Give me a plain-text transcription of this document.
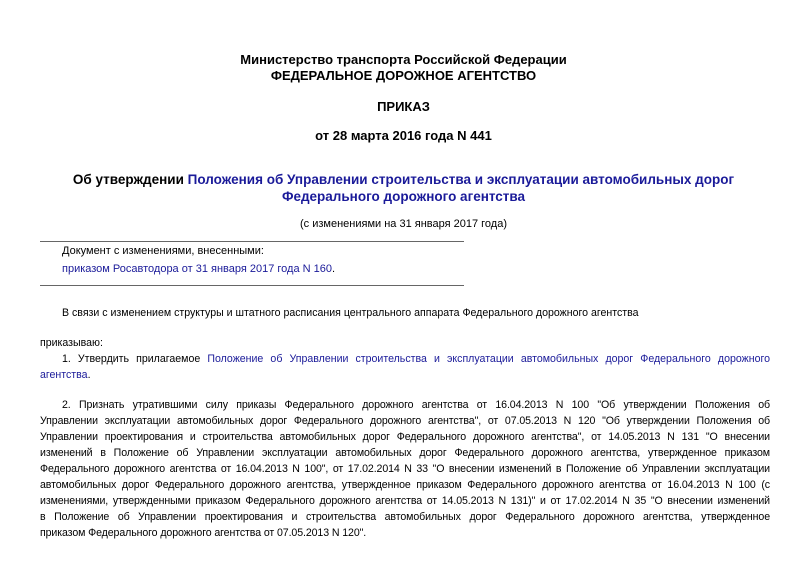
Министерство транспорта Российской Федерации
ФЕДЕРАЛЬНОЕ ДОРОЖНОЕ АГЕНТСТВО
ПРИКАЗ
от 28 марта 2016 года N 441
Об утверждении Положения об Управлении строительства и эксплуатации автомобильных дорог
Федерального дорожного агентства
(с изменениями на 31 января 2017 года)
Документ с изменениями, внесенными:
приказом Росавтодора от 31 января 2017 года N 160.
В связи с изменением структуры и штатного расписания центрального аппарата Федерального дорожного агентства
приказываю:
1. Утвердить прилагаемое Положение об Управлении строительства и эксплуатации автомобильных дорог Федерального дорожного
агентства.
2. Признать утратившими силу приказы Федерального дорожного агентства от 16.04.2013 N 100 "Об утверждении Положения об
Управлении эксплуатации автомобильных дорог Федерального дорожного агентства", от 07.05.2013 N 120 "Об утверждении Положения об
Управлении проектирования и строительства автомобильных дорог Федерального дорожного агентства", от 14.05.2013 N 131 "О внесении
изменений в Положение об Управлении эксплуатации автомобильных дорог Федерального дорожного агентства, утвержденное приказом
Федерального дорожного агентства от 16.04.2013 N 100", от 17.02.2014 N 33 "О внесении изменений в Положение об Управлении эксплуатации
автомобильных дорог Федерального дорожного агентства, утвержденное приказом Федерального дорожного агентства от 16.04.2013 N 100 (с
изменениями, утвержденными приказом Федерального дорожного агентства от 14.05.2013 N 131)" и от 17.02.2014 N 35 "О внесении изменений
в Положение об Управлении проектирования и строительства автомобильных дорог Федерального дорожного агентства, утвержденное
приказом Федерального дорожного агентства от 07.05.2013 N 120".
